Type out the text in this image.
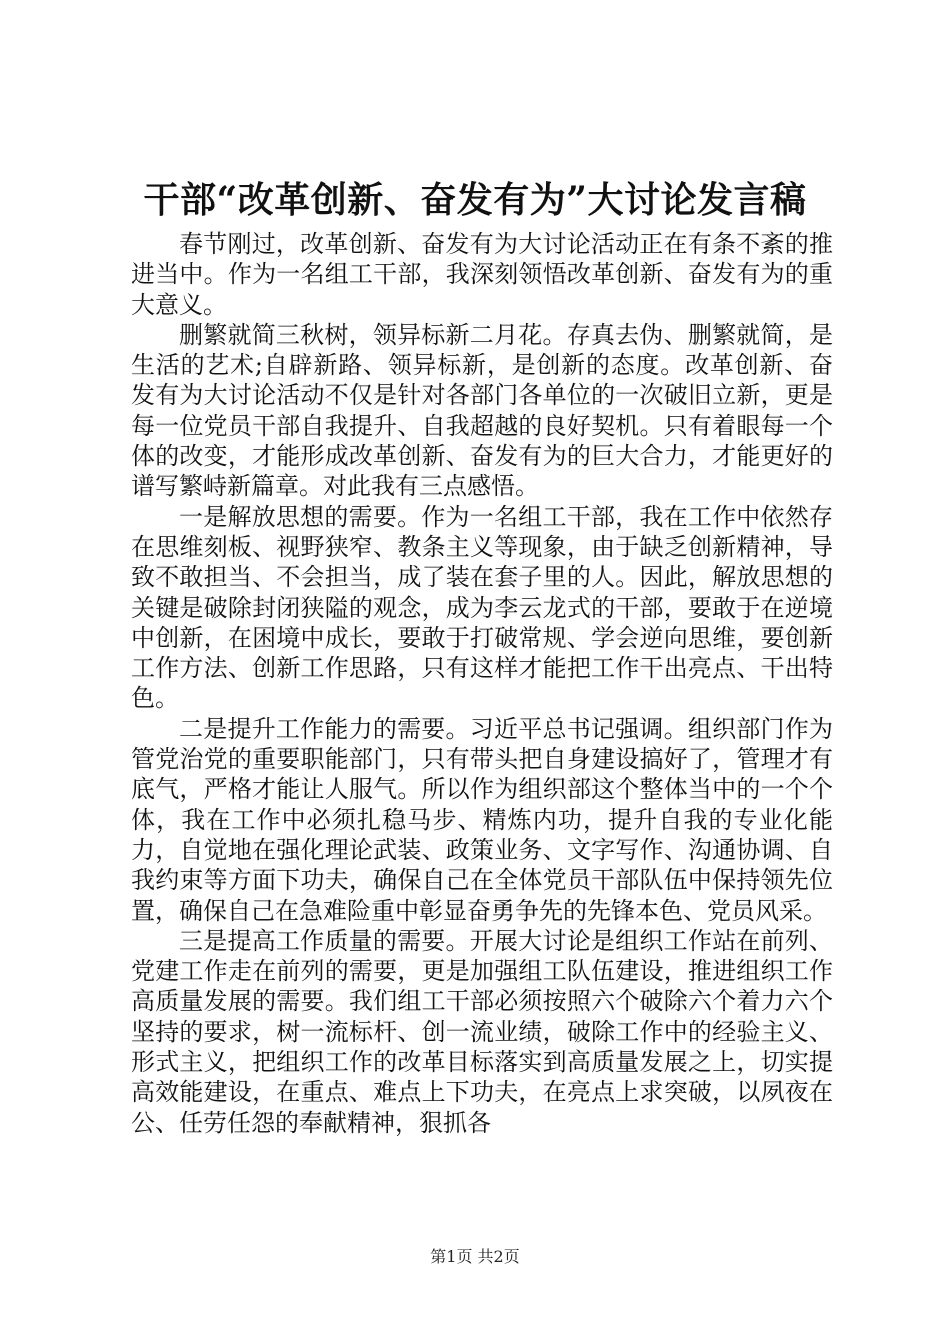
干部“改革创新、奋发有为”大讨论发言稿

春节刚过，改革创新、奋发有为大讨论活动正在有条不紊的推进当中。作为一名组工干部，我深刻领悟改革创新、奋发有为的重大意义。

删繁就简三秋树，领异标新二月花。存真去伪、删繁就简，是生活的艺术;自辟新路、领异标新，是创新的态度。改革创新、奋发有为大讨论活动不仅是针对各部门各单位的一次破旧立新，更是每一位党员干部自我提升、自我超越的良好契机。只有着眼每一个体的改变，才能形成改革创新、奋发有为的巨大合力，才能更好的谱写繁峙新篇章。对此我有三点感悟。

一是解放思想的需要。作为一名组工干部，我在工作中依然存在思维刻板、视野狭窄、教条主义等现象，由于缺乏创新精神，导致不敢担当、不会担当，成了装在套子里的人。因此，解放思想的关键是破除封闭狭隘的观念，成为李云龙式的干部，要敢于在逆境中创新，在困境中成长，要敢于打破常规、学会逆向思维，要创新工作方法、创新工作思路，只有这样才能把工作干出亮点、干出特色。

二是提升工作能力的需要。习近平总书记强调。组织部门作为管党治党的重要职能部门，只有带头把自身建设搞好了，管理才有底气，严格才能让人服气。所以作为组织部这个整体当中的一个个体，我在工作中必须扎稳马步、精炼内功，提升自我的专业化能力，自觉地在强化理论武装、政策业务、文字写作、沟通协调、自我约束等方面下功夫，确保自己在全体党员干部队伍中保持领先位置，确保自己在急难险重中彰显奋勇争先的先锋本色、党员风采。

三是提高工作质量的需要。开展大讨论是组织工作站在前列、党建工作走在前列的需要，更是加强组工队伍建设，推进组织工作高质量发展的需要。我们组工干部必须按照六个破除六个着力六个坚持的要求，树一流标杆、创一流业绩，破除工作中的经验主义、形式主义，把组织工作的改革目标落实到高质量发展之上，切实提高效能建设，在重点、难点上下功夫，在亮点上求突破，以夙夜在公、任劳任怨的奉献精神，狠抓各

第1页 共2页
